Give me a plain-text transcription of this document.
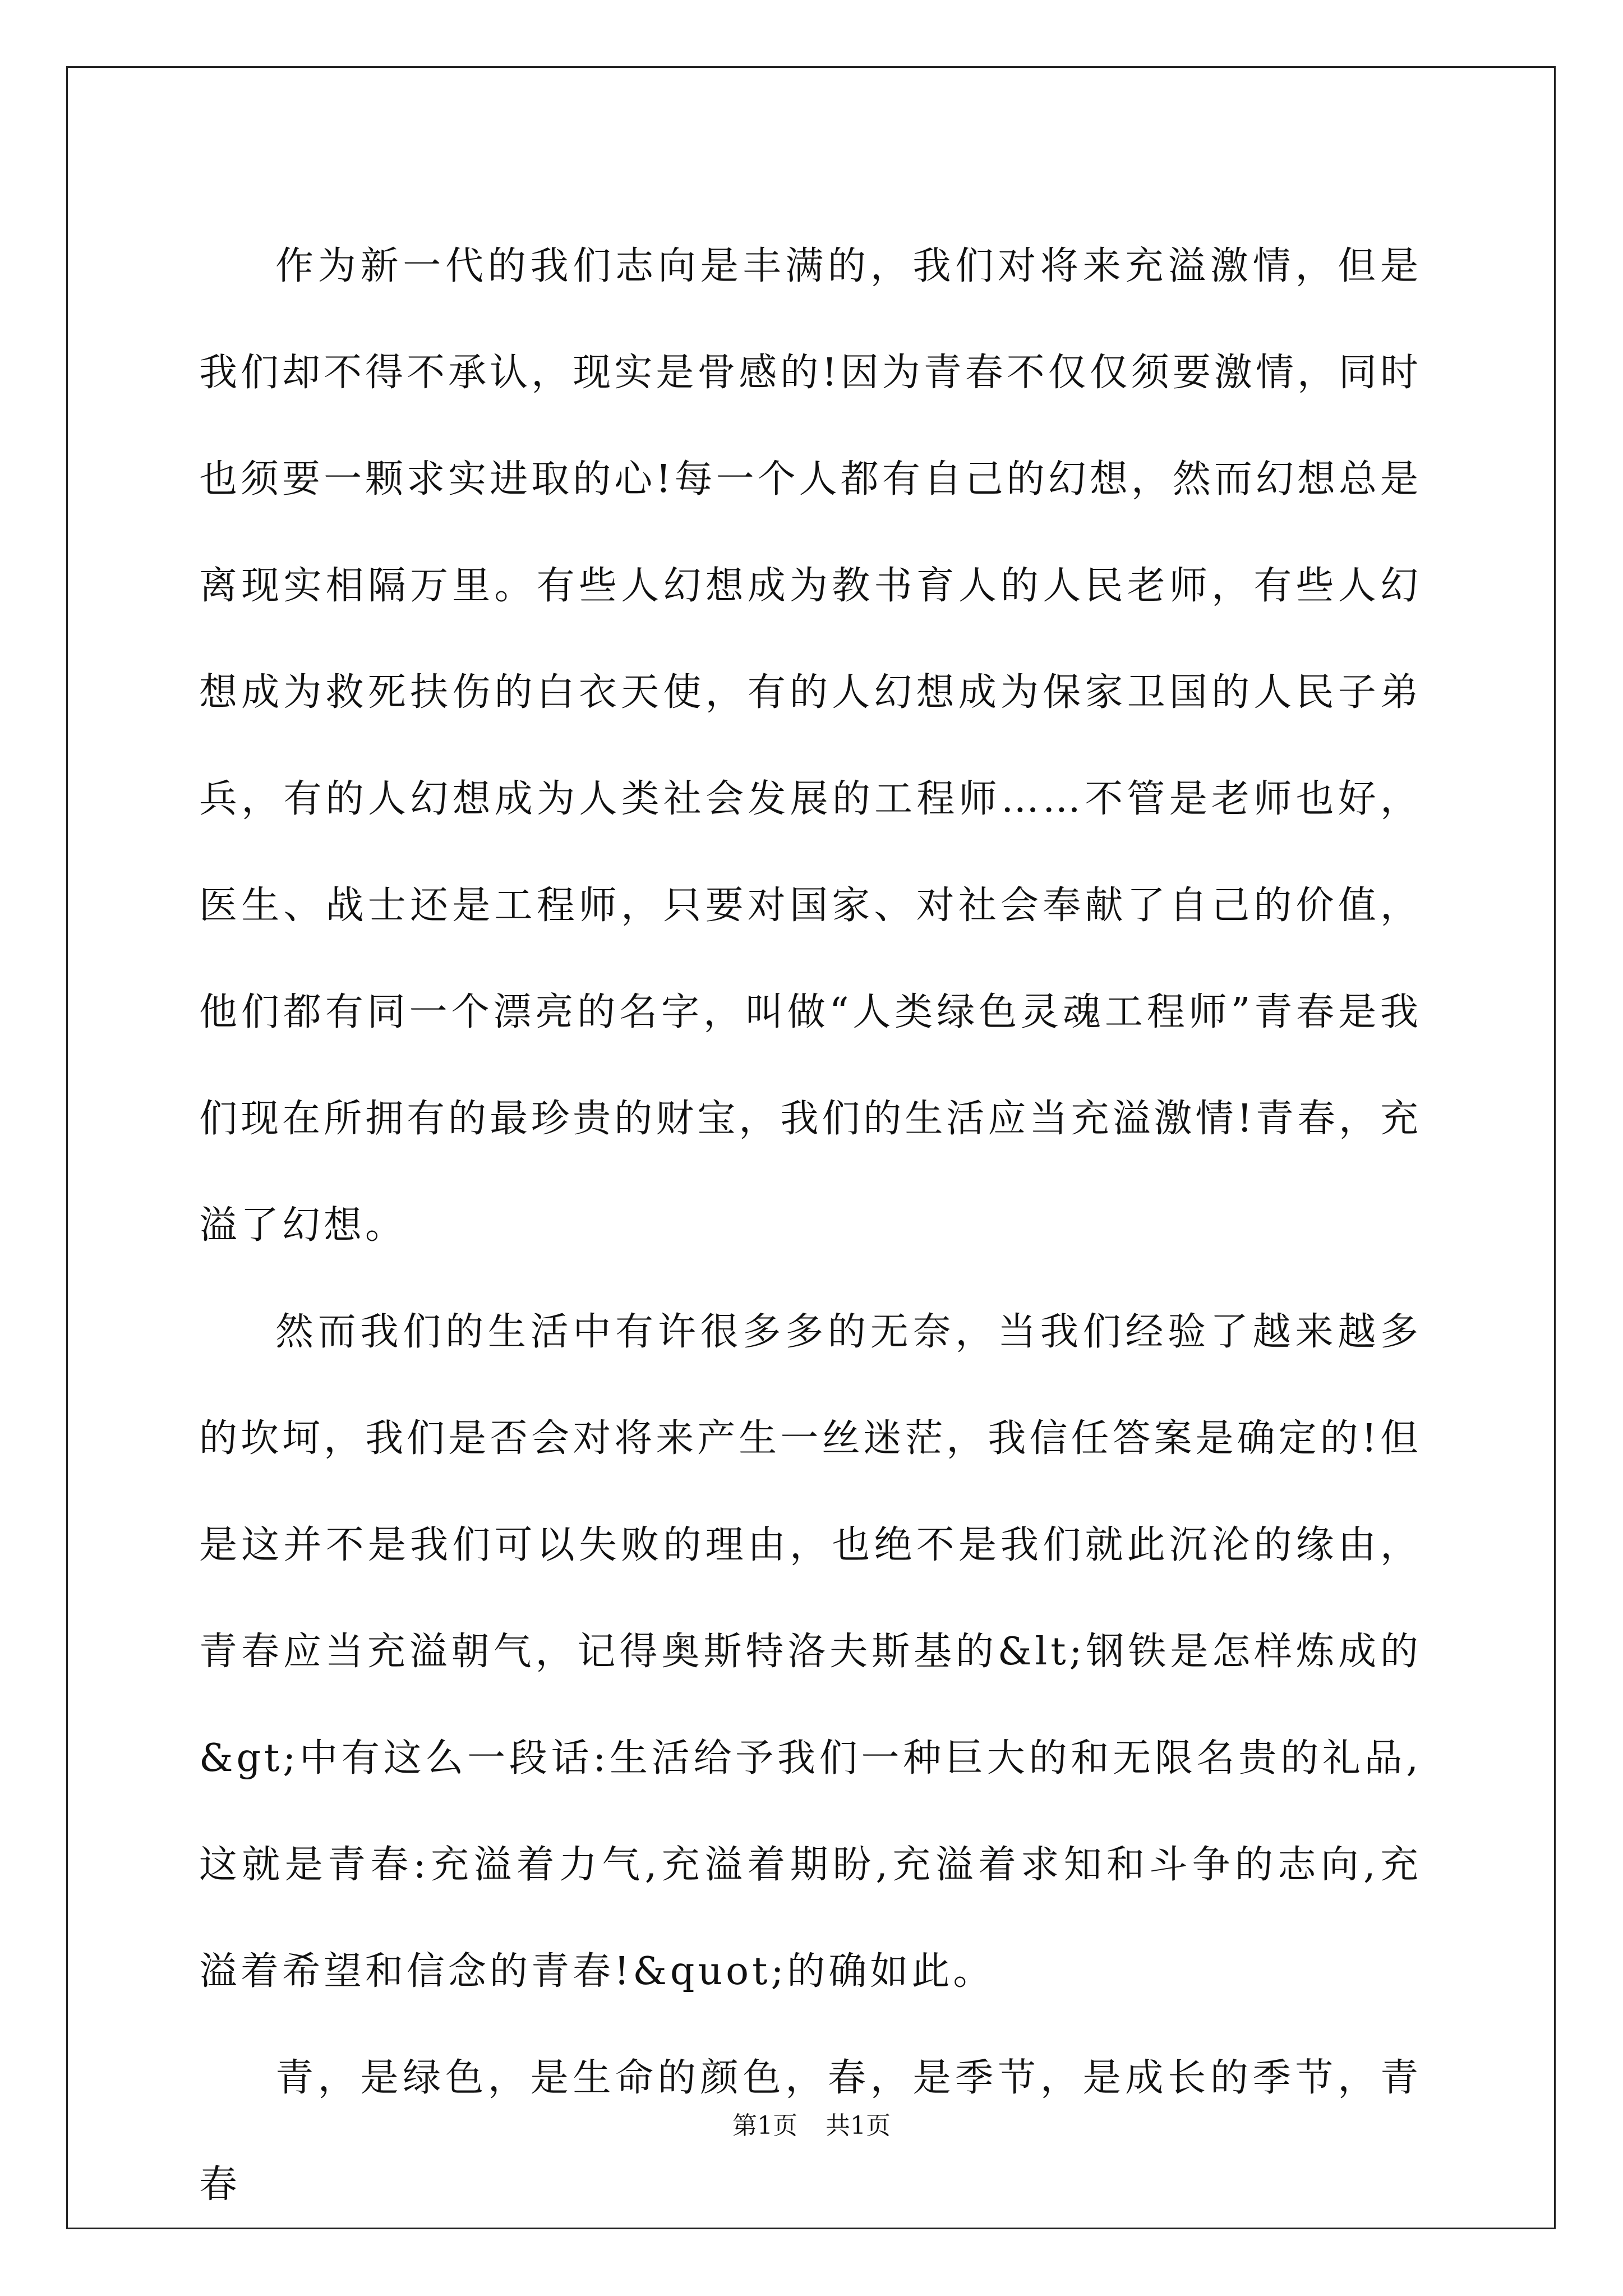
作为新一代的我们志向是丰满的，我们对将来充溢激情，但是我们却不得不承认，现实是骨感的!因为青春不仅仅须要激情，同时也须要一颗求实进取的心!每一个人都有自己的幻想，然而幻想总是离现实相隔万里。有些人幻想成为教书育人的人民老师，有些人幻想成为救死扶伤的白衣天使，有的人幻想成为保家卫国的人民子弟兵，有的人幻想成为人类社会发展的工程师……不管是老师也好，医生、战士还是工程师，只要对国家、对社会奉献了自己的价值，他们都有同一个漂亮的名字，叫做“人类绿色灵魂工程师”青春是我们现在所拥有的最珍贵的财宝，我们的生活应当充溢激情!青春，充溢了幻想。

然而我们的生活中有许很多多的无奈，当我们经验了越来越多的坎坷，我们是否会对将来产生一丝迷茫，我信任答案是确定的!但是这并不是我们可以失败的理由，也绝不是我们就此沉沦的缘由，青春应当充溢朝气，记得奥斯特洛夫斯基的&lt;钢铁是怎样炼成的&gt;中有这么一段话:生活给予我们一种巨大的和无限名贵的礼品,这就是青春:充溢着力气,充溢着期盼,充溢着求知和斗争的志向,充溢着希望和信念的青春!&quot;的确如此。

青，是绿色，是生命的颜色，春，是季节，是成长的季节，青春

第1页 共1页
